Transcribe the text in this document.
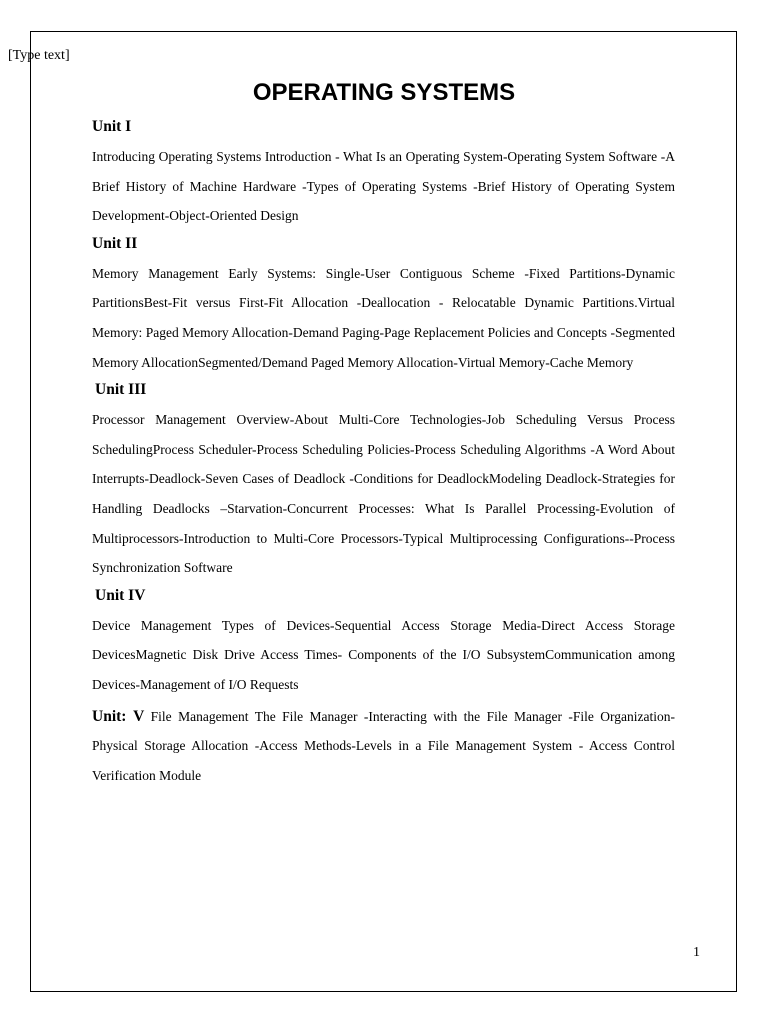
[Type text]
OPERATING SYSTEMS
Unit I
Introducing Operating Systems Introduction - What Is an Operating System-Operating System Software -A Brief History of Machine Hardware -Types of Operating Systems -Brief History of Operating System Development-Object-Oriented Design
Unit II
Memory Management Early Systems: Single-User Contiguous Scheme -Fixed Partitions-Dynamic PartitionsBest-Fit versus First-Fit Allocation -Deallocation - Relocatable Dynamic Partitions.Virtual Memory: Paged Memory Allocation-Demand Paging-Page Replacement Policies and Concepts -Segmented Memory AllocationSegmented/Demand Paged Memory Allocation-Virtual Memory-Cache Memory
Unit III
Processor Management Overview-About Multi-Core Technologies-Job Scheduling Versus Process SchedulingProcess Scheduler-Process Scheduling Policies-Process Scheduling Algorithms -A Word About Interrupts-Deadlock-Seven Cases of Deadlock -Conditions for DeadlockModeling Deadlock-Strategies for Handling Deadlocks –Starvation-Concurrent Processes: What Is Parallel Processing-Evolution of Multiprocessors-Introduction to Multi-Core Processors-Typical Multiprocessing Configurations--Process Synchronization Software
Unit IV
Device Management Types of Devices-Sequential Access Storage Media-Direct Access Storage DevicesMagnetic Disk Drive Access Times- Components of the I/O SubsystemCommunication among Devices-Management of I/O Requests
Unit: V File Management The File Manager -Interacting with the File Manager -File Organization-Physical Storage Allocation -Access Methods-Levels in a File Management System - Access Control Verification Module
1
